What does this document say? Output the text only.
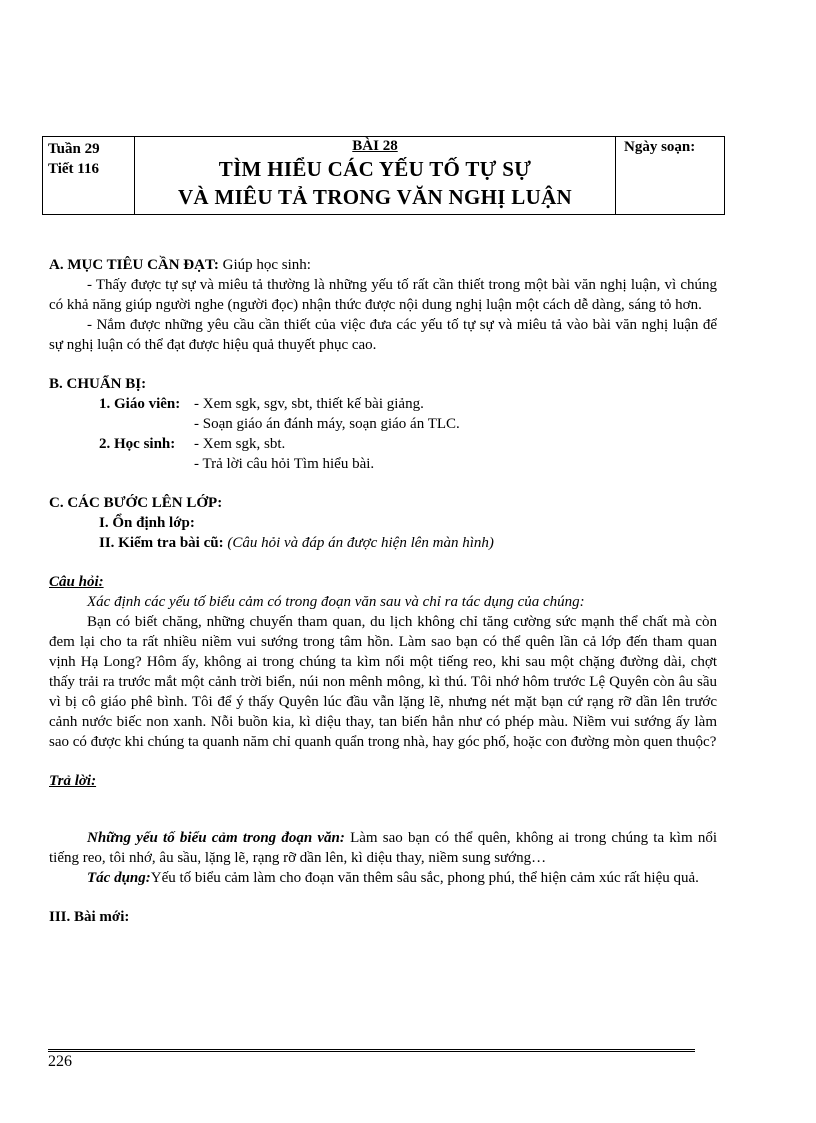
Tuần 29
Tiết 116
BÀI 28
TÌM HIỂU CÁC YẾU TỐ TỰ SỰ
VÀ MIÊU TẢ TRONG VĂN NGHỊ LUẬN
Ngày soạn:

A. MỤC TIÊU CẦN ĐẠT: Giúp học sinh:

- Thấy được tự sự và miêu tả thường là những yếu tố rất cần thiết trong một bài văn nghị luận, vì chúng có khả năng giúp người nghe (người đọc) nhận thức được nội dung nghị luận một cách dễ dàng, sáng tỏ hơn.

- Nắm được những yêu cầu cần thiết của việc đưa các yếu tố tự sự và miêu tả vào bài văn nghị luận để sự nghị luận có thể đạt được hiệu quả thuyết phục cao.

B. CHUẨN BỊ:

1. Giáo viên: - Xem sgk, sgv, sbt, thiết kế bài giảng.
- Soạn giáo án đánh máy, soạn giáo án TLC.
2. Học sinh:	- Xem sgk, sbt.
- Trả lời câu hỏi Tìm hiểu bài.

C. CÁC BƯỚC LÊN LỚP:

I. Ổn định lớp:

II. Kiểm tra bài cũ: (Câu hỏi và đáp án được hiện lên màn hình)

Câu hỏi:

Xác định các yếu tố biểu cảm có trong đoạn văn sau và chỉ ra tác dụng của chúng:

Bạn có biết chăng, những chuyến tham quan, du lịch không chỉ tăng cường sức mạnh thể chất mà còn đem lại cho ta rất nhiều niềm vui sướng trong tâm hồn. Làm sao bạn có thể quên lần cả lớp đến tham quan vịnh Hạ Long? Hôm ấy, không ai trong chúng ta kìm nổi một tiếng reo, khi sau một chặng đường dài, chợt thấy trải ra trước mắt một cảnh trời biển, núi non mênh mông, kì thú. Tôi nhớ hôm trước Lệ Quyên còn âu sầu vì bị cô giáo phê bình. Tôi để ý thấy Quyên lúc đầu vẫn lặng lẽ, nhưng nét mặt bạn cứ rạng rỡ dần lên trước cảnh nước biếc non xanh. Nỗi buồn kia, kì diệu thay, tan biến hẳn như có phép màu. Niềm vui sướng ấy làm sao có được khi chúng ta quanh năm chỉ quanh quẩn trong nhà, hay góc phố, hoặc con đường mòn quen thuộc?

Trả lời:

Những yếu tố biểu cảm trong đoạn văn: Làm sao bạn có thể quên, không ai trong chúng ta kìm nổi tiếng reo, tôi nhớ, âu sầu, lặng lẽ, rạng rỡ dần lên, kì diệu thay, niềm sung sướng…

Tác dụng:Yếu tố biểu cảm làm cho đoạn văn thêm sâu sắc, phong phú, thể hiện cảm xúc rất hiệu quả.

III. Bài mới:

226
